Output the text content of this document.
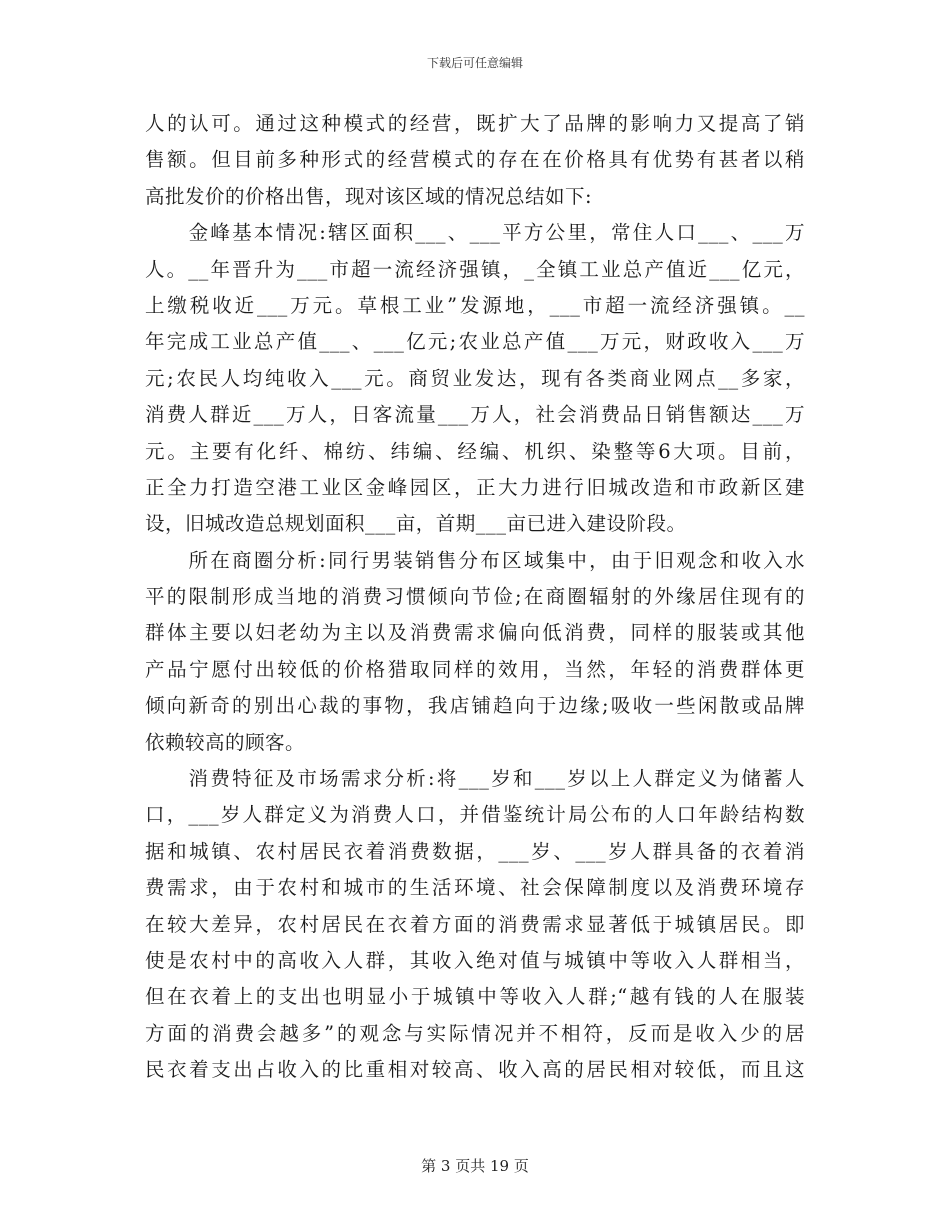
下载后可任意编辑
人的认可。通过这种模式的经营，既扩大了品牌的影响力又提高了销
售额。但目前多种形式的经营模式的存在在价格具有优势有甚者以稍
高批发价的价格出售，现对该区域的情况总结如下:
　　金峰基本情况:辖区面积___、___平方公里，常住人口___、___万
人。__年晋升为___市超一流经济强镇，_全镇工业总产值近___亿元，
上缴税收近___万元。草根工业”发源地，___市超一流经济强镇。__
年完成工业总产值___、___亿元;农业总产值___万元，财政收入___万
元;农民人均纯收入___元。商贸业发达，现有各类商业网点__多家，
消费人群近___万人，日客流量___万人，社会消费品日销售额达___万
元。主要有化纤、棉纺、纬编、经编、机织、染整等6大项。目前，
正全力打造空港工业区金峰园区，正大力进行旧城改造和市政新区建
设，旧城改造总规划面积___亩，首期___亩已进入建设阶段。
　　所在商圈分析:同行男装销售分布区域集中，由于旧观念和收入水
平的限制形成当地的消费习惯倾向节俭;在商圈辐射的外缘居住现有的
群体主要以妇老幼为主以及消费需求偏向低消费，同样的服装或其他
产品宁愿付出较低的价格猎取同样的效用，当然，年轻的消费群体更
倾向新奇的别出心裁的事物，我店铺趋向于边缘;吸收一些闲散或品牌
依赖较高的顾客。
　　消费特征及市场需求分析:将___岁和___岁以上人群定义为储蓄人
口，___岁人群定义为消费人口，并借鉴统计局公布的人口年龄结构数
据和城镇、农村居民衣着消费数据，___岁、___岁人群具备的衣着消
费需求，由于农村和城市的生活环境、社会保障制度以及消费环境存
在较大差异，农村居民在衣着方面的消费需求显著低于城镇居民。即
使是农村中的高收入人群，其收入绝对值与城镇中等收入人群相当，
但在衣着上的支出也明显小于城镇中等收入人群;“越有钱的人在服装
方面的消费会越多”的观念与实际情况并不相符，反而是收入少的居
民衣着支出占收入的比重相对较高、收入高的居民相对较低，而且这
第 3 页共 19 页
